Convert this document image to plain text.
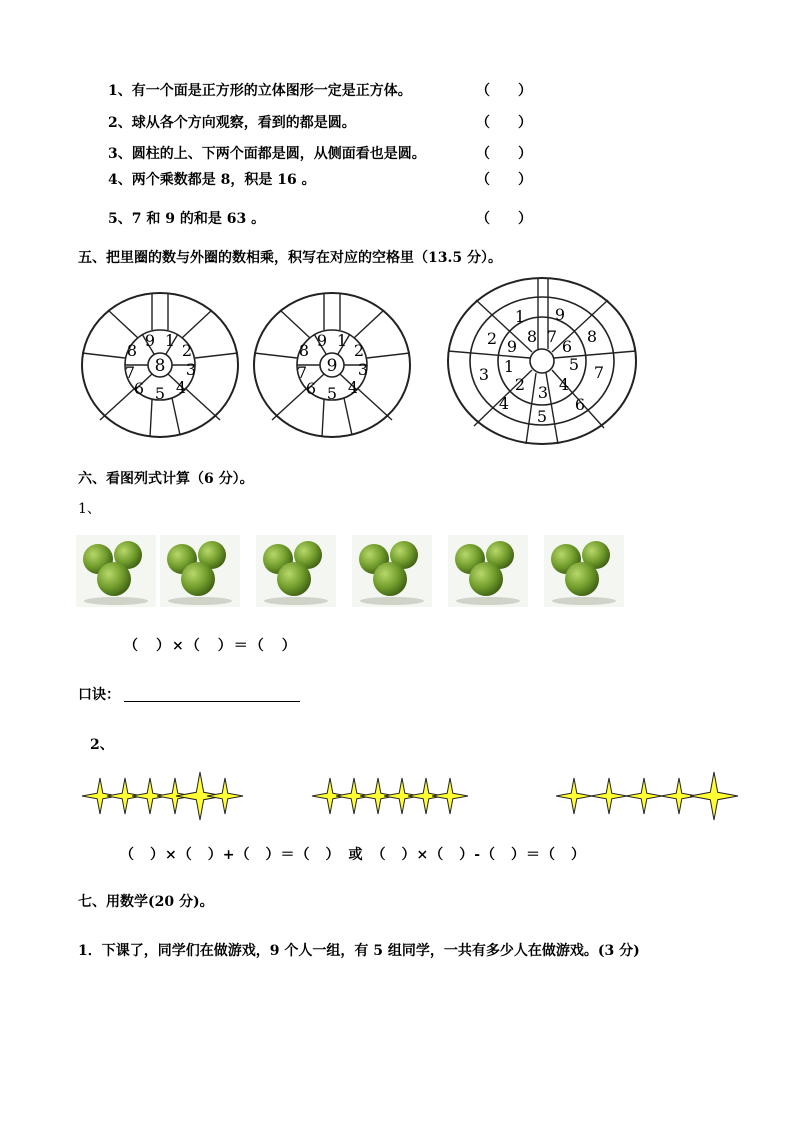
1、有一个面是正方形的立体图形一定是正方体。	（　　）
2、球从各个方向观察，看到的都是圆。	（　　）
3、圆柱的上、下两个面都是圆，从侧面看也是圆。	（　　）
4、两个乘数都是 8，积是 16 。	（　　）
5、7 和 9 的和是 63 。	（　　）
五、把里圈的数与外圈的数相乘，积写在对应的空格里（13.5 分）。
9 1
8	2
7	3
6 4
5
8
9 1
8	2
7	3
6 4
5
9
1 9
8
2
3	7
4	6
5
9
8 7
6
5
4
3
2
1
六、看图列式计算（6 分）。
1、
（　）×（　）＝（　）
口诀：
2、
（　）×（　）+（　）＝（　）　或　（　）×（　）-（　）＝（　）
七、用数学(20 分)。
1．下课了，同学们在做游戏，9 个人一组，有 5 组同学，一共有多少人在做游戏。(3 分)
